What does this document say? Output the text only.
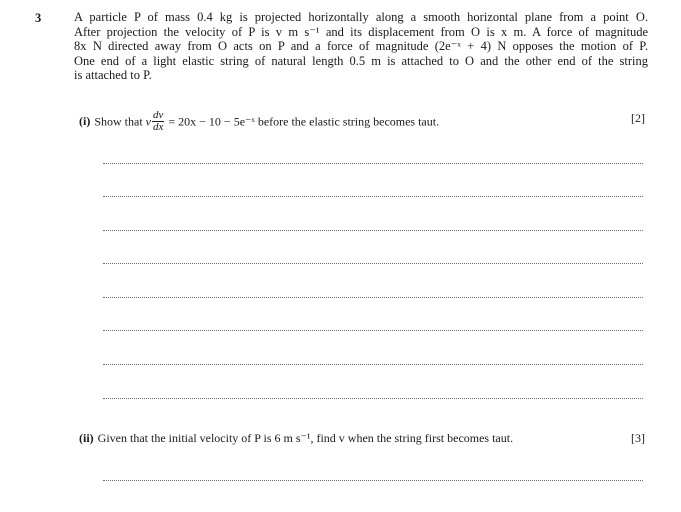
3	A particle P of mass 0.4 kg is projected horizontally along a smooth horizontal plane from a point O.
After projection the velocity of P is v m s⁻¹ and its displacement from O is x m. A force of magnitude
8x N directed away from O acts on P and a force of magnitude (2e⁻ˣ + 4) N opposes the motion of P.
One end of a light elastic string of natural length 0.5 m is attached to O and the other end of the string
is attached to P.
(i) Show that v $\frac{dv}{dx} = 20x - 10$ − 5e⁻ˣ before the elastic string becomes taut.	[2]
(ii) Given that the initial velocity of P is 6 m s⁻¹, find v when the string first becomes taut.	[3]
